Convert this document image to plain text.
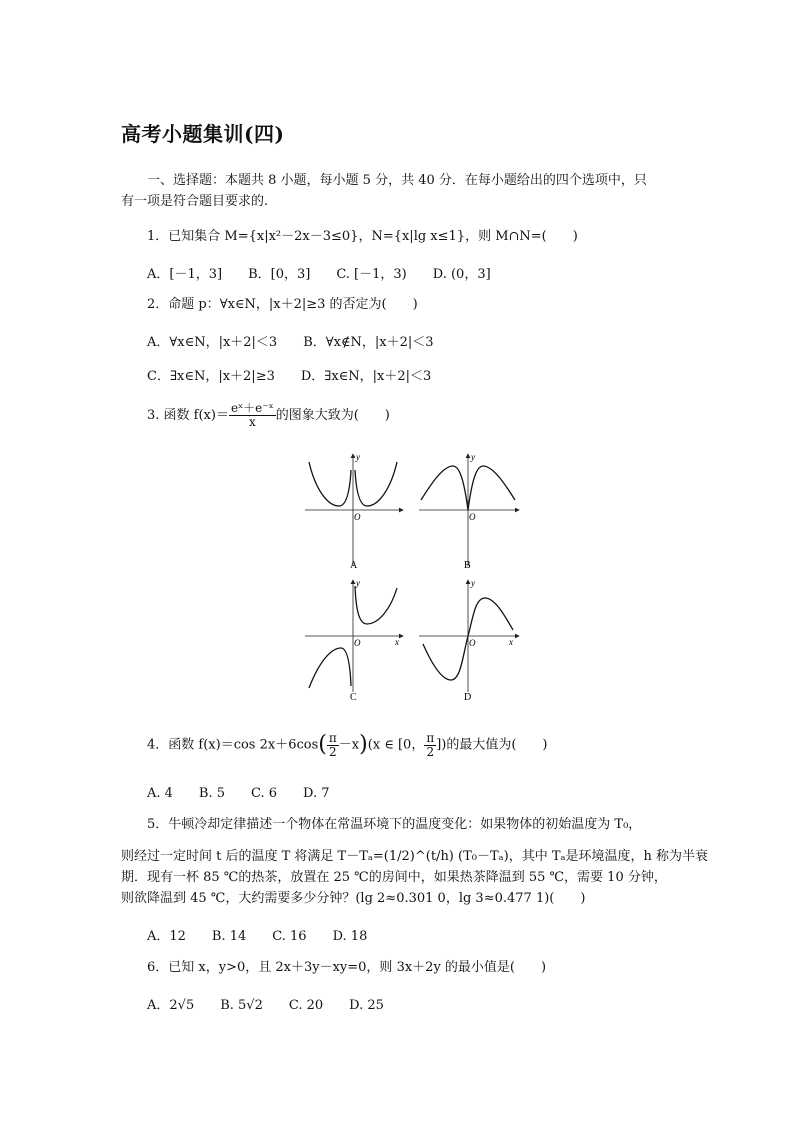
高考小题集训(四)
一、选择题：本题共 8 小题，每小题 5 分，共 40 分．在每小题给出的四个选项中，只
有一项是符合题目要求的.
1．已知集合 M={x|x²－2x－3≤0}，N={x|lg x≤1}，则 M∩N=(　　)
A．[－1，3]　　B．[0，3]　　C. [－1，3)　　D. (0，3]
2．命题 p：∀x∈N，|x＋2|≥3 的否定为(　　)
A．∀x∈N，|x＋2|＜3　　B．∀x∉N，|x＋2|＜3
C．∃x∈N，|x＋2|≥3　　D．∃x∈N，|x＋2|＜3
3. 函数 $f(x)= \frac{\text{eˣ＋e⁻ˣ}}{x}$ 的图象大致为(　　)
y
O
A
y
O
B
y
O	x
C
y
O	x
D
4．函数 f(x)＝cos $2x+6\cos( \frac{\pi}{2} -x)(x$ ∈ [0， $\frac{\pi}{2}$ ])的最大值为(　　)
A. 4　　B. 5　　C. 6　　D. 7
5．牛顿冷却定律描述一个物体在常温环境下的温度变化：如果物体的初始温度为 T₀，
则经过一定时间 t 后的温度 T 将满足 T－Tₐ=(1/2)^(t/h) (T₀－Tₐ)，其中 Tₐ是环境温度，h 称为半衰
期．现有一杯 85 ℃的热茶，放置在 25 ℃的房间中，如果热茶降温到 55 ℃，需要 10 分钟，
则欲降温到 45 ℃，大约需要多少分钟？(lg 2≈0.301 0，lg 3≈0.477 1)(　　)
A．12　　B. 14　　C. 16　　D. 18
6．已知 x，y>0，且 2x＋3y－xy=0，则 3x＋2y 的最小值是(　　)
A．2√5　　B. 5√2　　C. 20　　D. 25
